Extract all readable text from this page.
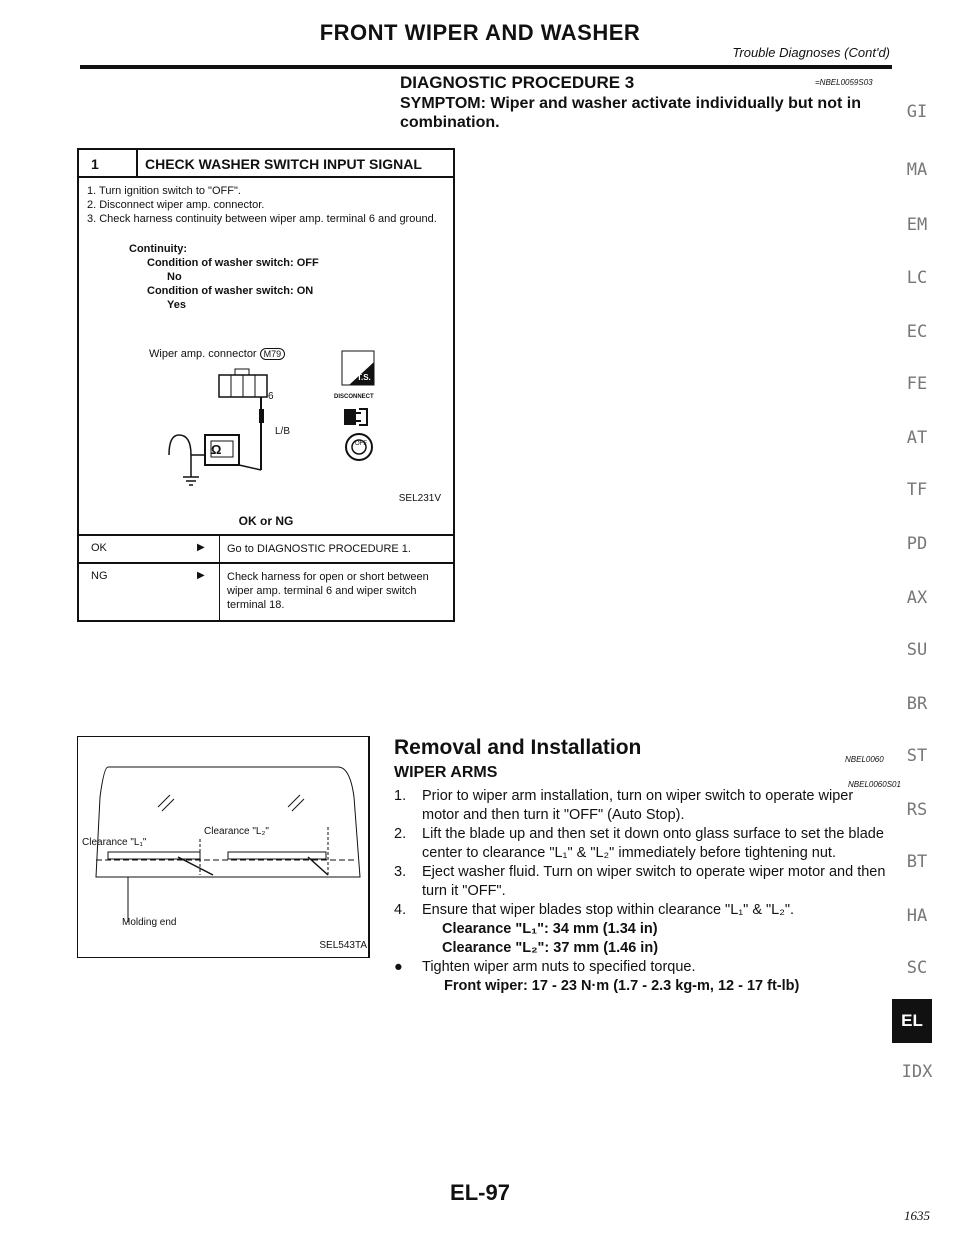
FRONT WIPER AND WASHER
Trouble Diagnoses (Cont'd)
DIAGNOSTIC PROCEDURE 3	=NBEL0059S03
SYMPTOM: Wiper and washer activate individually but not in combination.
1	CHECK WASHER SWITCH INPUT SIGNAL
1. Turn ignition switch to "OFF".
2. Disconnect wiper amp. connector.
3. Check harness continuity between wiper amp. terminal 6 and ground.
Continuity:
Condition of washer switch: OFF
No
Condition of washer switch: ON
Yes
Wiper amp. connector M79
6
L/B
Ω
T.S.
DISCONNECT
OFF
SEL231V
OK or NG
OK	▶ Go to DIAGNOSTIC PROCEDURE 1.
NG	▶ Check harness for open or short between wiper amp. terminal 6 and wiper switch terminal 18.
GI
MA
EM
LC
EC
FE
AT
TF
PD
AX
SU
BR
ST
RS
BT
HA
SC
IDX
EL
Clearance "L₁"
Clearance "L₂"
Molding end
SEL543TA
Removal and Installation
NBEL0060
WIPER ARMS
NBEL0060S01
1. Prior to wiper arm installation, turn on wiper switch to operate wiper motor and then turn it "OFF" (Auto Stop).
2. Lift the blade up and then set it down onto glass surface to set the blade center to clearance "L₁" & "L₂" immediately before tightening nut.
3. Eject washer fluid. Turn on wiper switch to operate wiper motor and then turn it "OFF".
4. Ensure that wiper blades stop within clearance "L₁" & "L₂".
Clearance "L₁": 34 mm (1.34 in)
Clearance "L₂": 37 mm (1.46 in)
● Tighten wiper arm nuts to specified torque.
Front wiper: 17 - 23 N·m (1.7 - 2.3 kg-m, 12 - 17 ft-lb)
EL-97
1635
